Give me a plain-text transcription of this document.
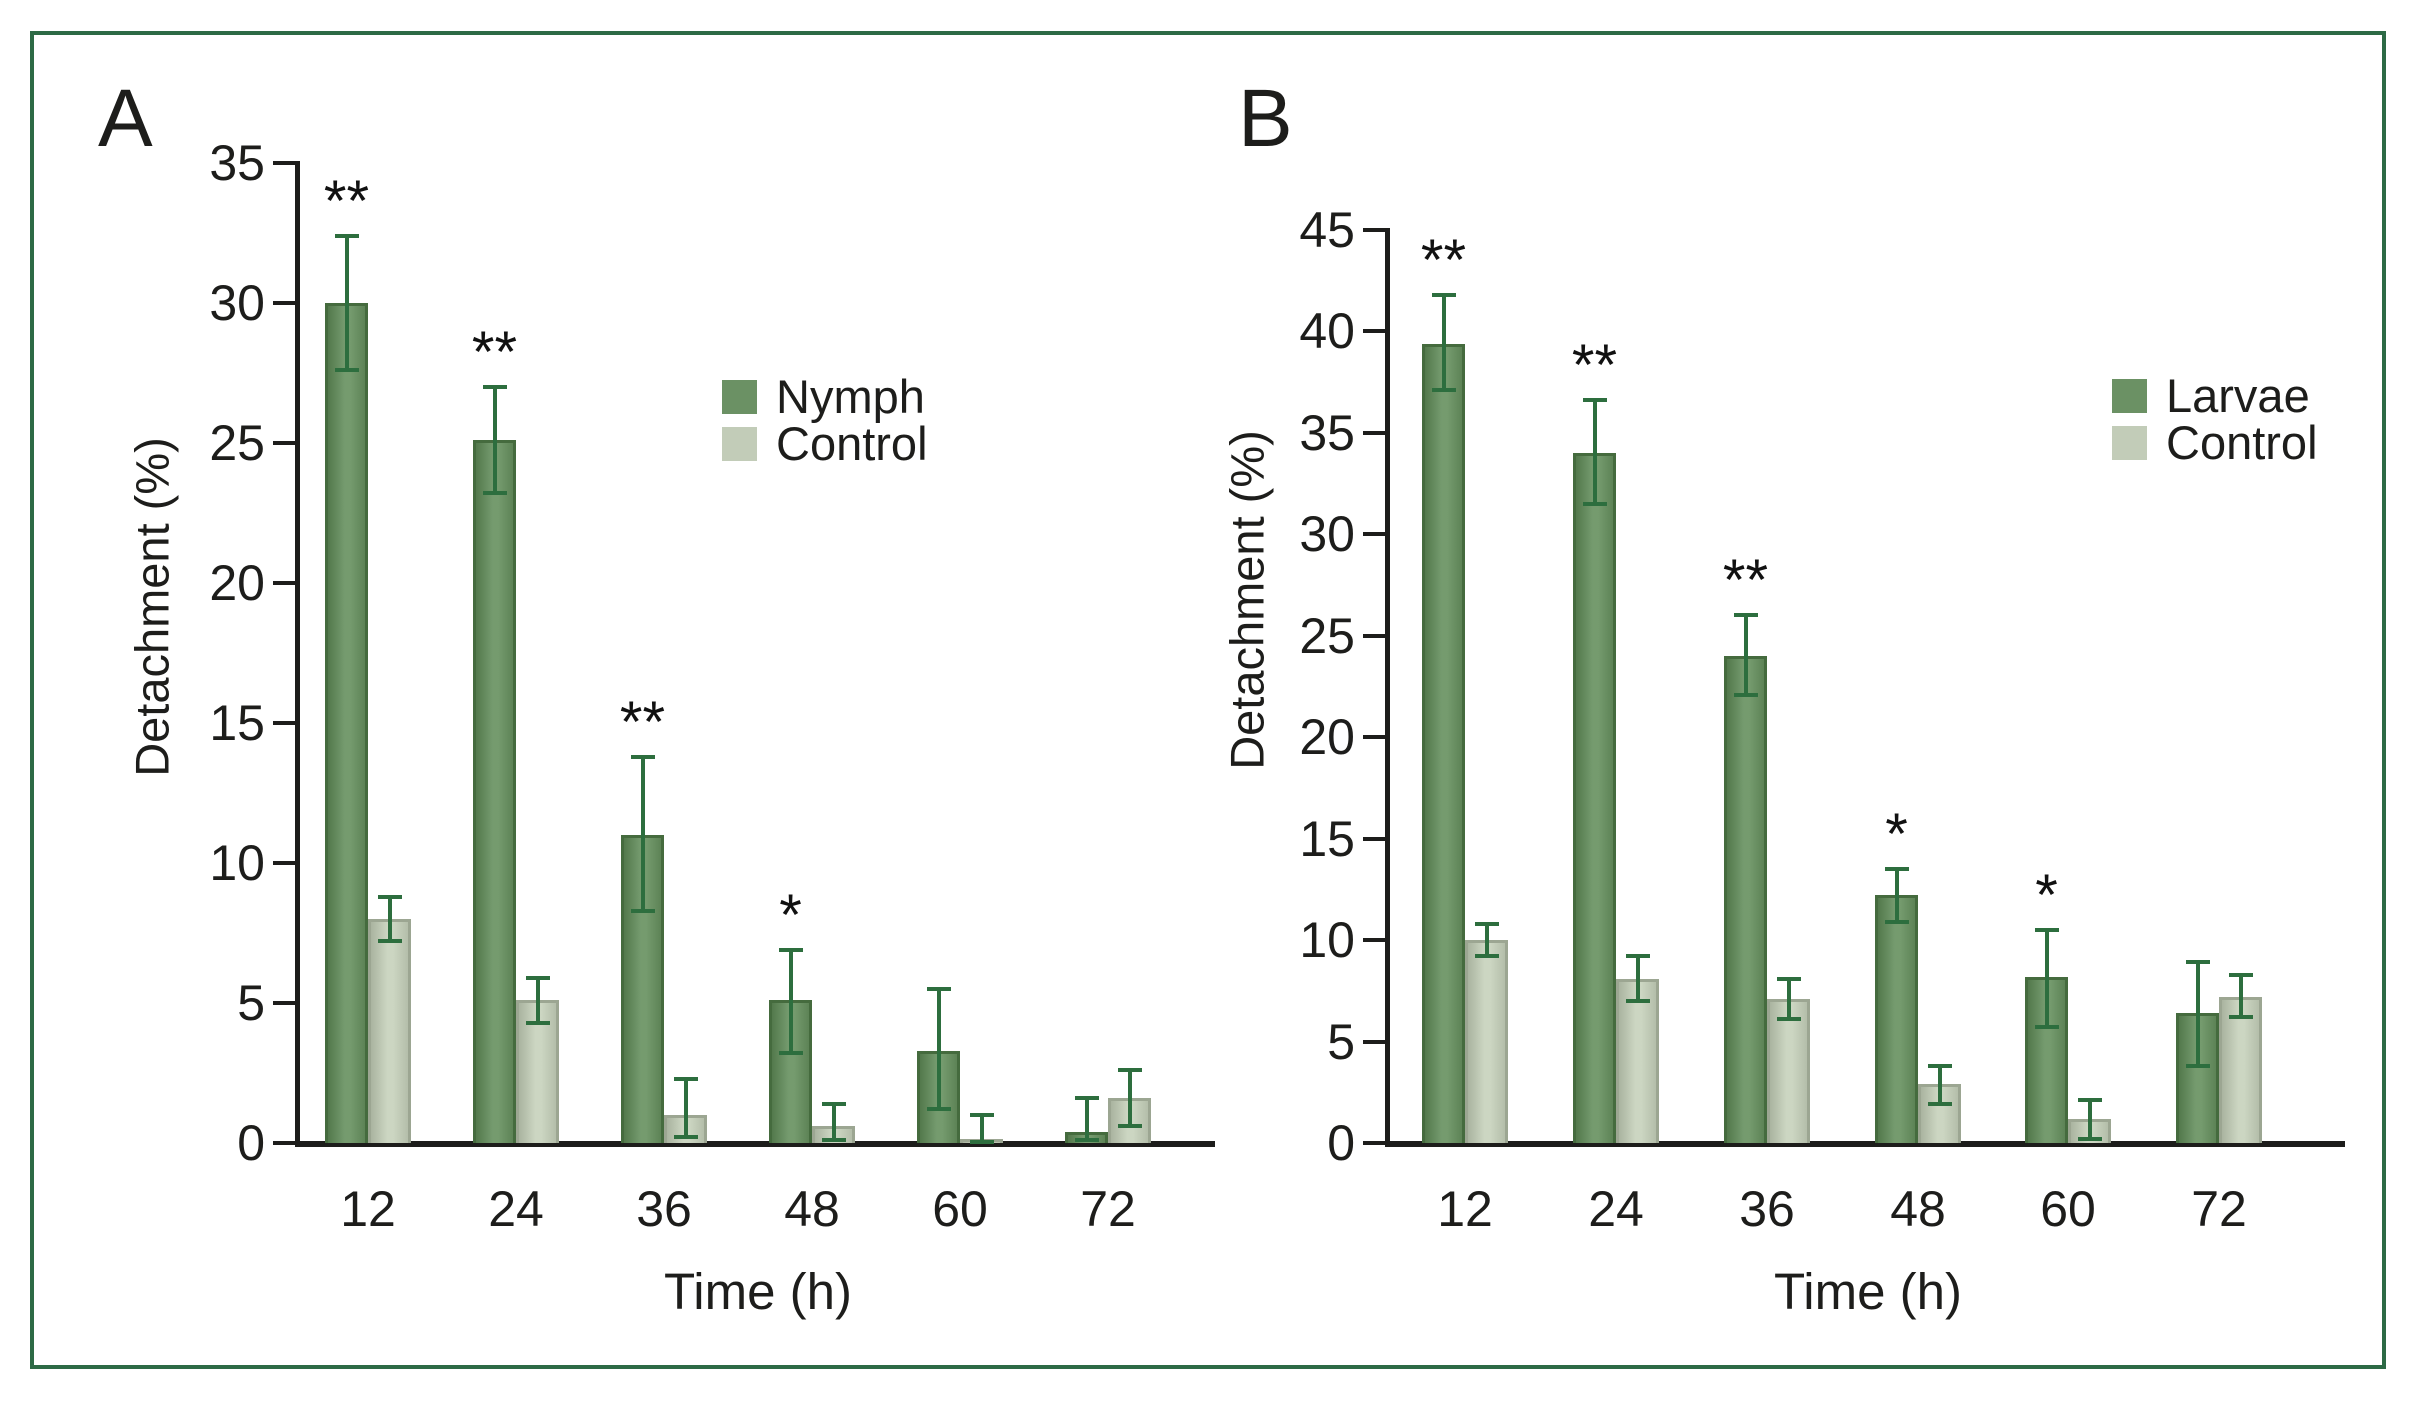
A	B
Detachment (%)	Detachment (%)
Time (h)	Time (h)
Nymph
Control
Larvae
Control
0
5
10
15
20
25
30
35
**
12
**
24
**
36
*
48	60	72
0
5
10
15
20
25
30
35
40
45	**
12
**
24
**
36
*
48
*
60	72
